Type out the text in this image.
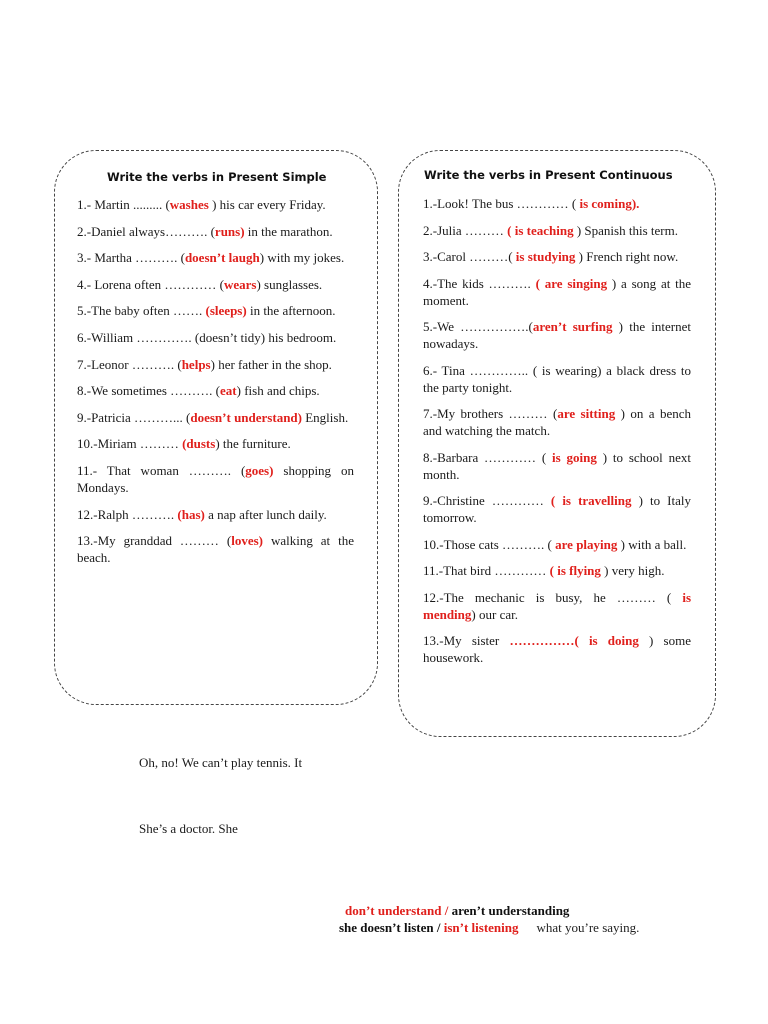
Write the verbs in Present Simple
1.- Martin ......... (washes ) his car every Friday.
2.-Daniel always………. (runs) in the marathon.
3.- Martha ………. (doesn’t laugh) with my jokes.
4.- Lorena often ………… (wears) sunglasses.
5.-The baby often ……. (sleeps) in the afternoon.
6.-William …………. (doesn’t tidy) his bedroom.
7.-Leonor ………. (helps) her father in the shop.
8.-We sometimes ………. (eat) fish and chips.
9.-Patricia ………... (doesn’t understand) English.
10.-Miriam ……… (dusts) the furniture.
11.- That woman ………. (goes) shopping on Mondays.
12.-Ralph ………. (has) a nap after lunch daily.
13.-My granddad ……… (loves) walking at the beach.
Write the verbs in Present Continuous
1.-Look! The bus ………… ( is coming).
2.-Julia ……… ( is teaching ) Spanish this term.
3.-Carol ………( is studying ) French right now.
4.-The kids ………. ( are singing ) a song at the moment.
5.-We …………….(aren’t surfing ) the internet nowadays.
6.- Tina ………….. ( is wearing) a black dress to the party tonight.
7.-My brothers ……… (are sitting ) on a bench and watching the match.
8.-Barbara ………… ( is going ) to school next month.
9.-Christine ………… ( is travelling ) to Italy tomorrow.
10.-Those cats ………. ( are playing ) with a ball.
11.-That bird ………… ( is flying ) very high.
12.-The mechanic is busy, he ……… ( is mending) our car.
13.-My sister ……………( is doing ) some housework.
Oh, no! We can’t play tennis. It
She’s a doctor. She
don’t understand / aren’t understanding
she doesn’t listen / isn’t listening what you’re saying.
